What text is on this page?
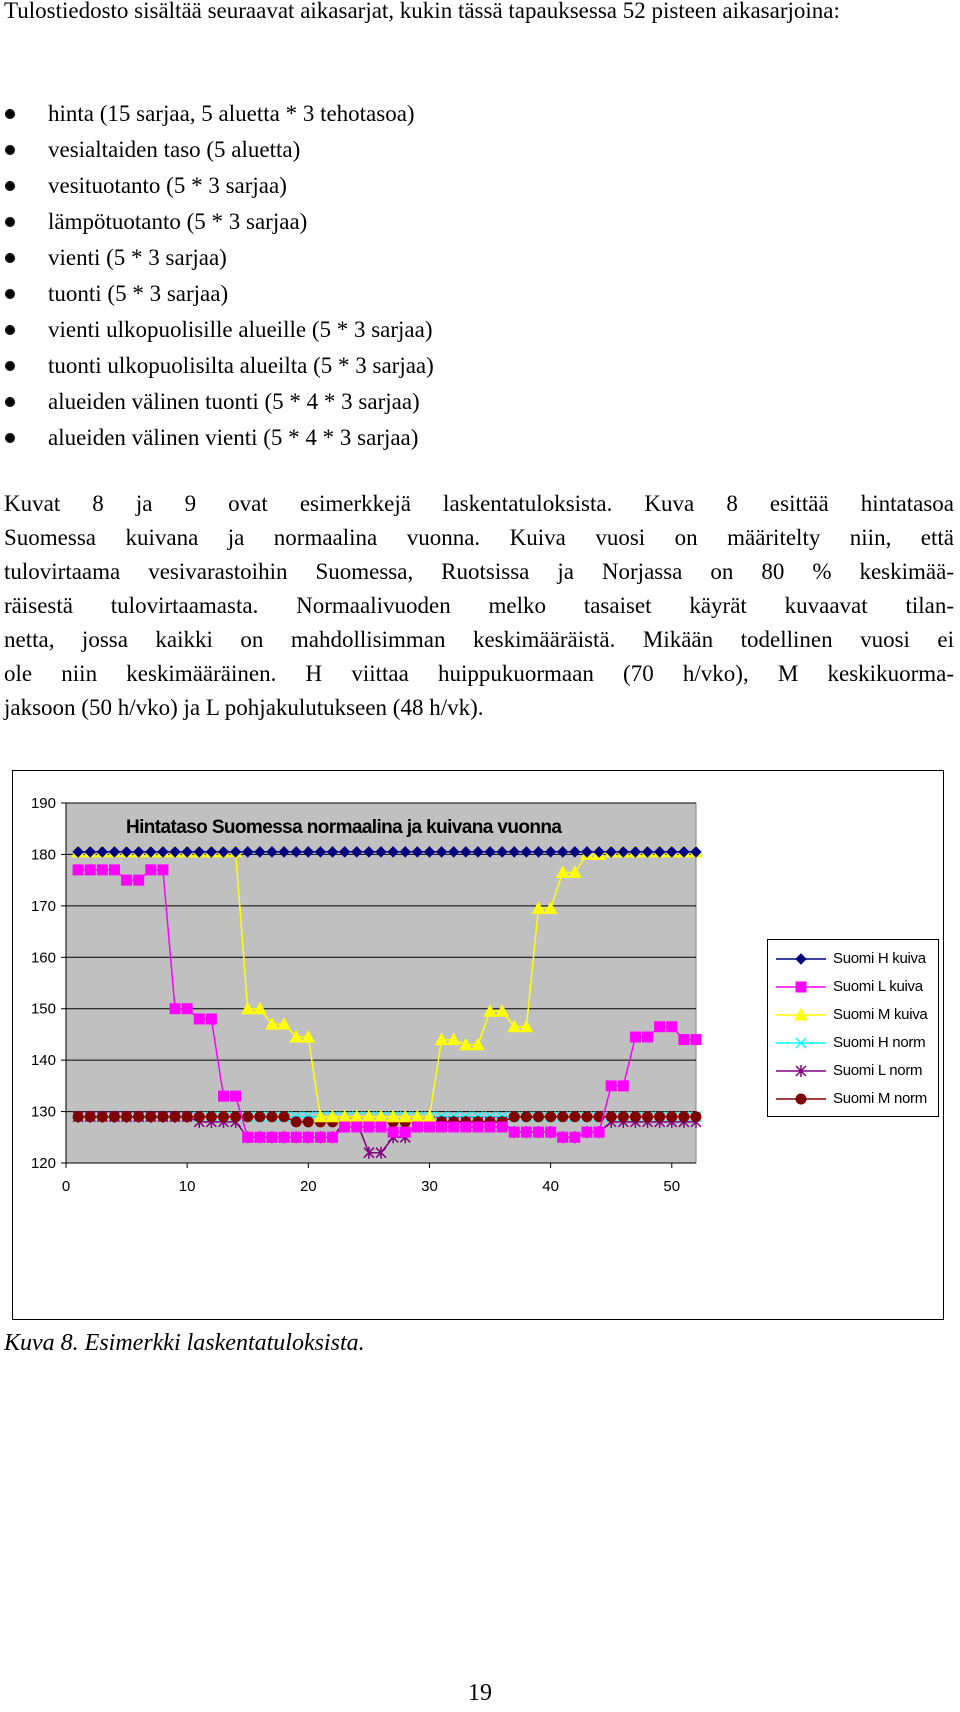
Tulostiedosto sisältää seuraavat aikasarjat, kukin tässä tapauksessa 52 pisteen aikasarjoina:

hinta (15 sarjaa, 5 aluetta * 3 tehotasoa)
vesialtaiden taso (5 aluetta)
vesituotanto (5 * 3 sarjaa)
lämpötuotanto (5 * 3 sarjaa)
vienti (5 * 3 sarjaa)
tuonti (5 * 3 sarjaa)
vienti ulkopuolisille alueille (5 * 3 sarjaa)
tuonti ulkopuolisilta alueilta (5 * 3 sarjaa)
alueiden välinen tuonti (5 * 4 * 3 sarjaa)
alueiden välinen vienti (5 * 4 * 3 sarjaa)

Kuvat 8 ja 9 ovat esimerkkejä laskentatuloksista. Kuva 8 esittää hintatasoa

Suomessa kuivana ja normaalina vuonna. Kuiva vuosi on määritelty niin, että

tulovirtaama vesivarastoihin Suomessa, Ruotsissa ja Norjassa on 80 % keskimää-

räisestä tulovirtaamasta. Normaalivuoden melko tasaiset käyrät kuvaavat tilan-

netta, jossa kaikki on mahdollisimman keskimääräistä. Mikään todellinen vuosi ei

ole niin keskimääräinen. H viittaa huippukuormaan (70 h/vko), M keskikuorma-

jaksoon (50 h/vko) ja L pohjakulutukseen (48 h/vk).

120
130
140
150
160
170
180
190
0	10	20	30	40	50
Hintataso Suomessa normaalina ja kuivana vuonna
Suomi H kuiva
Suomi L kuiva
Suomi M kuiva
Suomi H norm
Suomi L norm
Suomi M norm
Kuva 8. Esimerkki laskentatuloksista.
19
